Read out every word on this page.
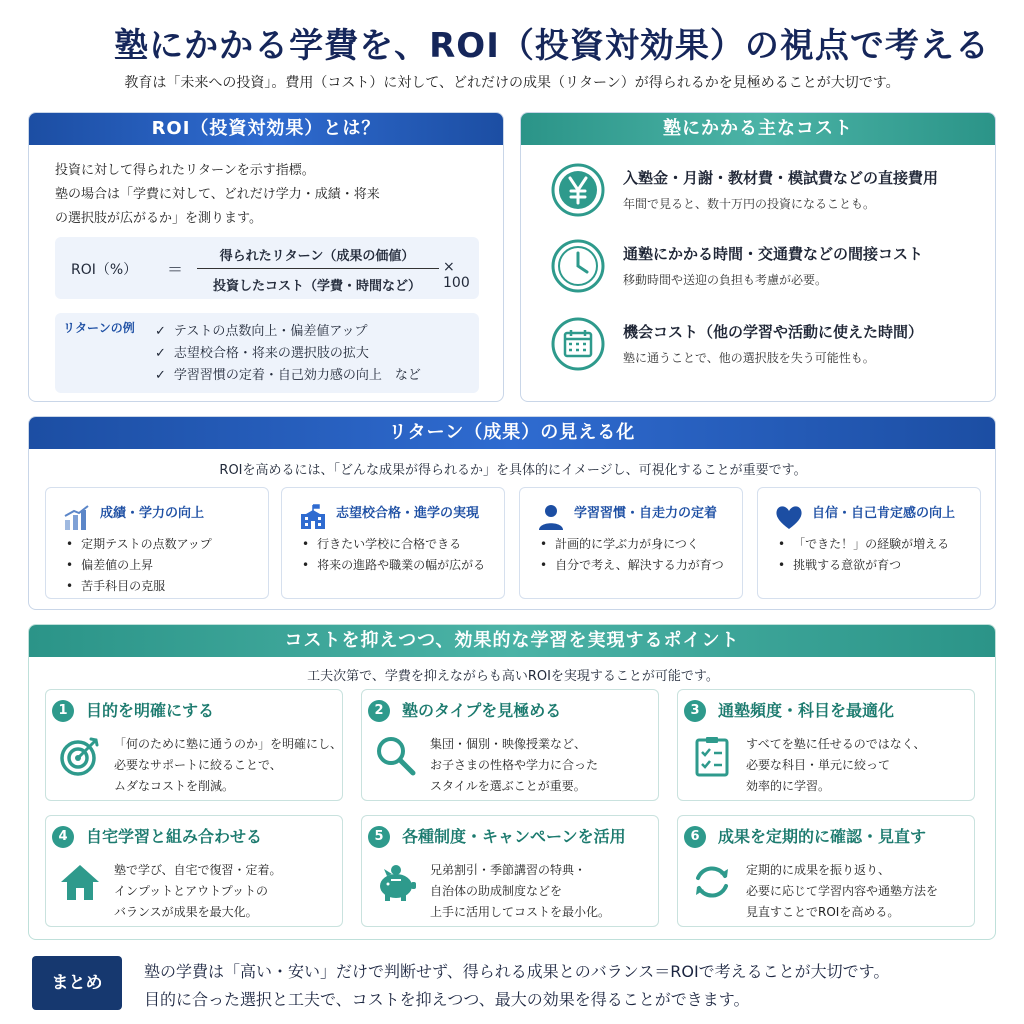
塾にかかる学費を、ROI（投資対効果）の視点で考える
教育は「未来への投資」。費用（コスト）に対して、どれだけの成果（リターン）が得られるかを見極めることが大切です。
ROI（投資対効果）とは？
投資に対して得られたリターンを示す指標。
塾の場合は「学費に対して、どれだけ学力・成績・将来
の選択肢が広がるか」を測ります。
ROI（%） ＝
得られたリターン（成果の価値）
投資したコスト（学費・時間など）
× 100
リターンの例
✓	テストの点数向上・偏差値アップ
✓ 志望校合格・将来の選択肢の拡大
✓ 学習習慣の定着・自己効力感の向上　など
塾にかかる主なコスト
入塾金・月謝・教材費・模試費などの直接費用
年間で見ると、数十万円の投資になることも。
通塾にかかる時間・交通費などの間接コスト
移動時間や送迎の負担も考慮が必要。
機会コスト（他の学習や活動に使えた時間）
塾に通うことで、他の選択肢を失う可能性も。
リターン（成果）の見える化
ROIを高めるには、「どんな成果が得られるか」を具体的にイメージし、可視化することが重要です。
成績・学力の向上
• 定期テストの点数アップ
• 偏差値の上昇
• 苦手科目の克服
志望校合格・進学の実現
• 行きたい学校に合格できる
• 将来の進路や職業の幅が広がる
学習習慣・自走力の定着
• 計画的に学ぶ力が身につく
• 自分で考え、解決する力が育つ
自信・自己肯定感の向上
• 「できた！」の経験が増える
• 挑戦する意欲が育つ
コストを抑えつつ、効果的な学習を実現するポイント
工夫次第で、学費を抑えながらも高いROIを実現することが可能です。
1	目的を明確にする
「何のために塾に通うのか」を明確にし、
必要なサポートに絞ることで、
ムダなコストを削減。
2	塾のタイプを見極める
集団・個別・映像授業など、
お子さまの性格や学力に合った
スタイルを選ぶことが重要。
3	通塾頻度・科目を最適化
すべてを塾に任せるのではなく、
必要な科目・単元に絞って
効率的に学習。
4	自宅学習と組み合わせる
塾で学び、自宅で復習・定着。
インプットとアウトプットの
バランスが成果を最大化。
5	各種制度・キャンペーンを活用
兄弟割引・季節講習の特典・
自治体の助成制度などを
上手に活用してコストを最小化。
6	成果を定期的に確認・見直す
定期的に成果を振り返り、
必要に応じて学習内容や通塾方法を
見直すことでROIを高める。
まとめ
塾の学費は「高い・安い」だけで判断せず、得られる成果とのバランス＝ROIで考えることが大切です。
目的に合った選択と工夫で、コストを抑えつつ、最大の効果を得ることができます。
